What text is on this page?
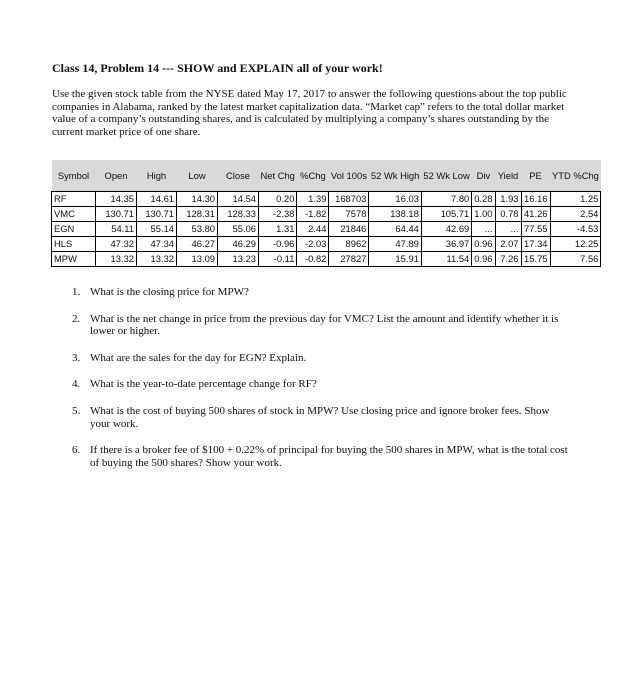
Class 14, Problem 14 --- SHOW and EXPLAIN all of your work!
Use the given stock table from the NYSE dated May 17, 2017 to answer the following questions about the top public companies in Alabama, ranked by the latest market capitalization data. “Market cap” refers to the total dollar market value of a company’s outstanding shares, and is calculated by multiplying a company’s shares outstanding by the current market price of one share.
Symbol	Open	High	Low	Close	Net Chg	%Chg	Vol 100s	52 Wk High	52 Wk Low	Div	Yield	PE	YTD %Chg
RF	14.35	14.61	14.30	14.54	0.20	1.39	168703	16.03	7.80	0.28	1.93	16.16	1.25
VMC	130.71	130.71	128.31	128.33	-2.38	-1.82	7578	138.18	105.71	1.00	0.78	41.26	2.54
EGN	54.11	55.14	53.80	55.06	1.31	2.44	21846	64.44	42.69	...	...	77.55	-4.53
HLS	47.32	47.34	46.27	46.29	-0.96	-2.03	8962	47.89	36.97	0.96	2.07	17.34	12.25
MPW	13.32	13.32	13.09	13.23	-0.11	-0.82	27827	15.91	11.54	0.96	7.26	15.75	7.56
1. What is the closing price for MPW?
2. What is the net change in price from the previous day for VMC? List the amount and identify whether it is lower or higher.
3. What are the sales for the day for EGN? Explain.
4. What is the year-to-date percentage change for RF?
5. What is the cost of buying 500 shares of stock in MPW? Use closing price and ignore broker fees. Show your work.
6. If there is a broker fee of $100 + 0.22% of principal for buying the 500 shares in MPW, what is the total cost of buying the 500 shares? Show your work.
